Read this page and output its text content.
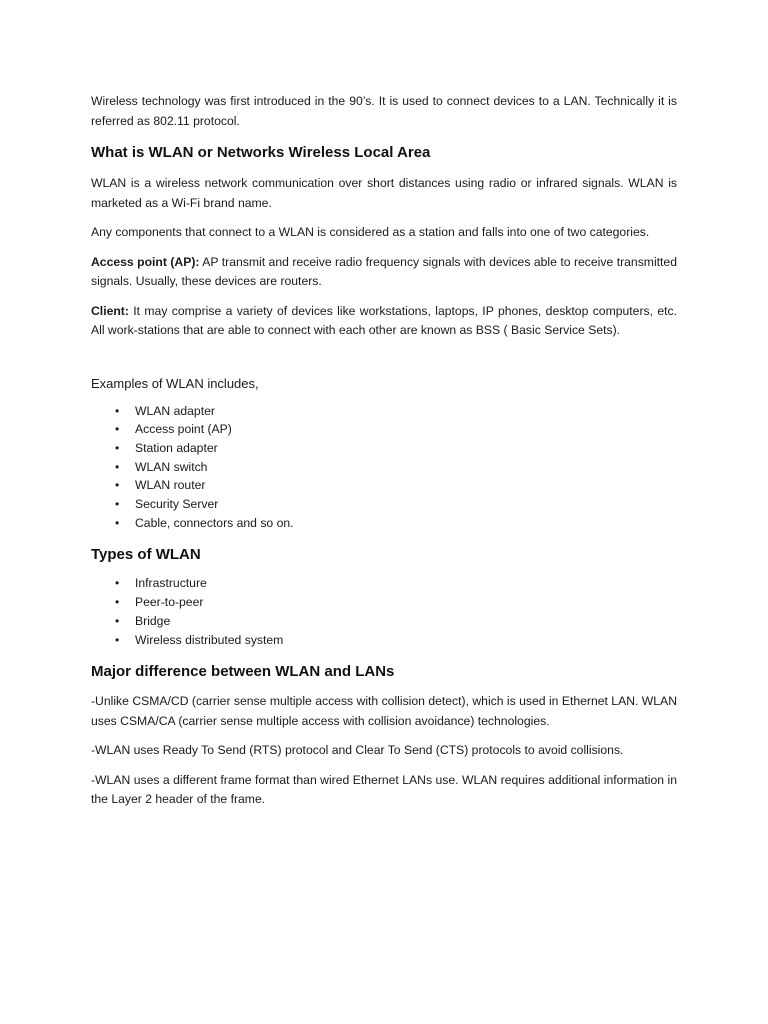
Wireless technology was first introduced in the 90’s. It is used to connect devices to a LAN. Technically it is referred as 802.11 protocol.

What is WLAN or Networks Wireless Local Area

WLAN is a wireless network communication over short distances using radio or infrared signals. WLAN is marketed as a Wi-Fi brand name.

Any components that connect to a WLAN is considered as a station and falls into one of two categories.

Access point (AP): AP transmit and receive radio frequency signals with devices able to receive transmitted signals. Usually, these devices are routers.

Client: It may comprise a variety of devices like workstations, laptops, IP phones, desktop computers, etc. All work-stations that are able to connect with each other are known as BSS ( Basic Service Sets).

Examples of WLAN includes,

• WLAN adapter
• Access point (AP)
• Station adapter
• WLAN switch
• WLAN router
• Security Server
• Cable, connectors and so on.
Types of WLAN
• Infrastructure
• Peer-to-peer
• Bridge
• Wireless distributed system
Major difference between WLAN and LANs

-Unlike CSMA/CD (carrier sense multiple access with collision detect), which is used in Ethernet LAN. WLAN uses CSMA/CA (carrier sense multiple access with collision avoidance) technologies.

-WLAN uses Ready To Send (RTS) protocol and Clear To Send (CTS) protocols to avoid collisions.

-WLAN uses a different frame format than wired Ethernet LANs use. WLAN requires additional information in the Layer 2 header of the frame.
